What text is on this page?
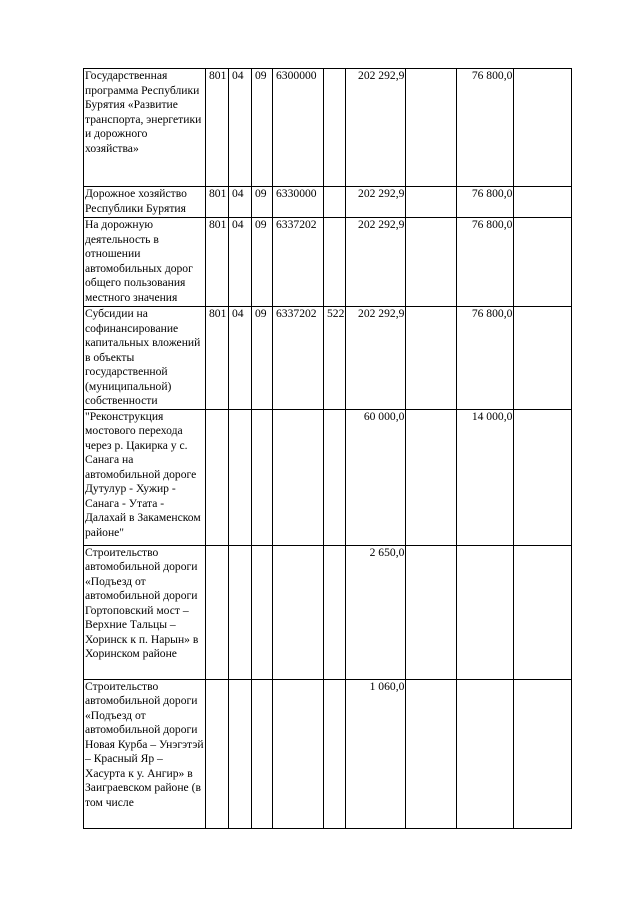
Государственная программа Республики Бурятия «Развитие транспорта, энергетики и дорожного хозяйства»	801	04	09	6300000		202 292,9		76 800,0	
Дорожное хозяйство Республики Бурятия	801	04	09	6330000		202 292,9		76 800,0	
На дорожную деятельность в отношении автомобильных дорог общего пользования местного значения	801	04	09	6337202		202 292,9		76 800,0	
Субсидии на софинансирование капитальных вложений в объекты государственной (муниципальной) собственности	801	04	09	6337202	522	202 292,9		76 800,0	
"Реконструкция мостового перехода через р. Цакирка у с. Санага на автомобильной дороге Дутулур - Хужир - Санага - Утата - Далахай в Закаменском районе"						60 000,0		14 000,0	
Строительство автомобильной дороги «Подъезд от автомобильной дороги Гортоповский мост – Верхние Тальцы – Хоринск к п. Нарын» в Хоринском районе						2 650,0			
Строительство автомобильной дороги «Подъезд от автомобильной дороги Новая Курба – Унэгэтэй – Красный Яр – Хасурта к у. Ангир» в Заиграевском районе (в том числе						1 060,0			
